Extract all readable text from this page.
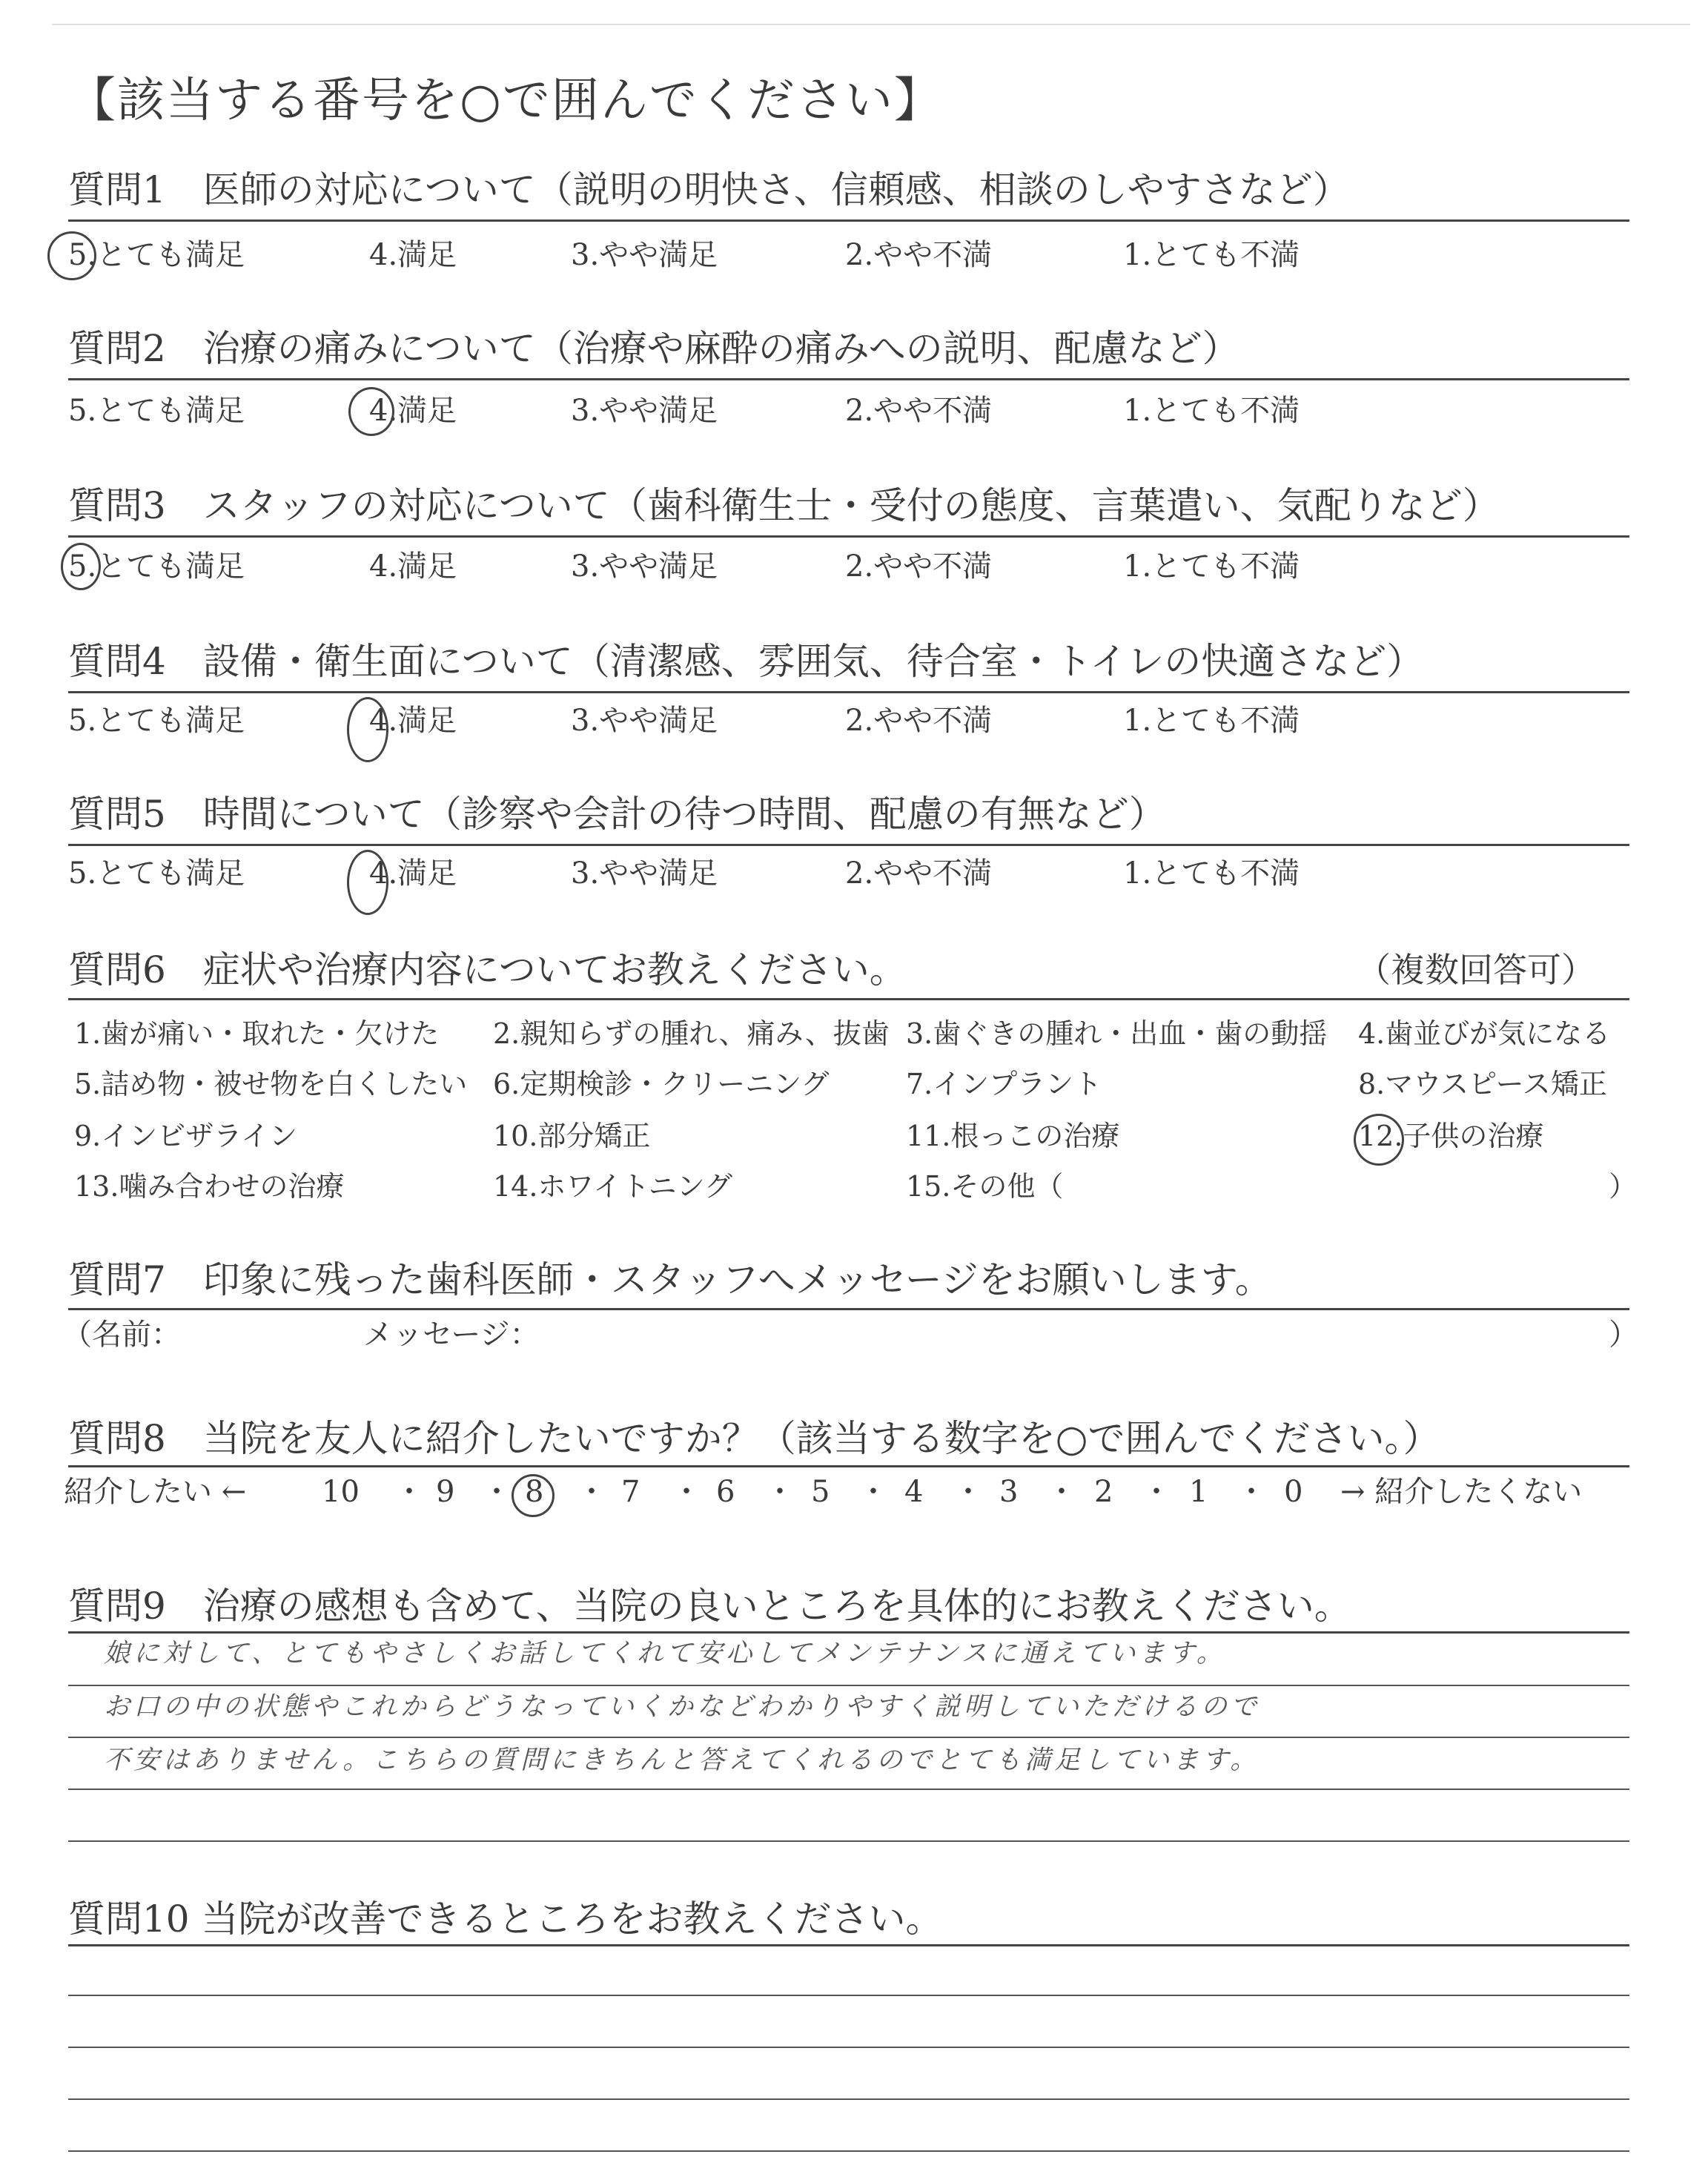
【該当する番号を○で囲んでください】
質問1　医師の対応について（説明の明快さ、信頼感、相談のしやすさなど）
5.とても満足	4.満足	3.やや満足	2.やや不満	1.とても不満
質問2　治療の痛みについて（治療や麻酔の痛みへの説明、配慮など）
5.とても満足	4.満足	3.やや満足	2.やや不満	1.とても不満
質問3　スタッフの対応について（歯科衛生士・受付の態度、言葉遣い、気配りなど）
5.とても満足	4.満足	3.やや満足	2.やや不満	1.とても不満
質問4　設備・衛生面について（清潔感、雰囲気、待合室・トイレの快適さなど）
5.とても満足	4.満足	3.やや満足	2.やや不満	1.とても不満
質問5　時間について（診察や会計の待つ時間、配慮の有無など）
5.とても満足	4.満足	3.やや満足	2.やや不満	1.とても不満
質問6　症状や治療内容についてお教えください。	（複数回答可）
1.歯が痛い・取れた・欠けた 2.親知らずの腫れ、痛み、抜歯 3.歯ぐきの腫れ・出血・歯の動揺 4.歯並びが気になる
5.詰め物・被せ物を白くしたい 6.定期検診・クリーニング	7.インプラント	8.マウスピース矯正
9.インビザライン	10.部分矯正	11.根っこの治療	12.子供の治療
13.噛み合わせの治療	14.ホワイトニング	15.その他（	）
質問7　印象に残った歯科医師・スタッフへメッセージをお願いします。
（名前：	メッセージ：	）
質問8　当院を友人に紹介したいですか？（該当する数字を○で囲んでください。）
紹介したい ←	→ 紹介したくない
10 ・ 9 ・ 8 ・ 7 ・ 6 ・ 5 ・ 4 ・ 3 ・ 2 ・ 1 ・ 0
質問9　治療の感想も含めて、当院の良いところを具体的にお教えください。
娘に対して、とてもやさしくお話してくれて安心してメンテナンスに通えています。
お口の中の状態やこれからどうなっていくかなどわかりやすく説明していただけるので
不安はありません。こちらの質問にきちんと答えてくれるのでとても満足しています。
質問10 当院が改善できるところをお教えください。
